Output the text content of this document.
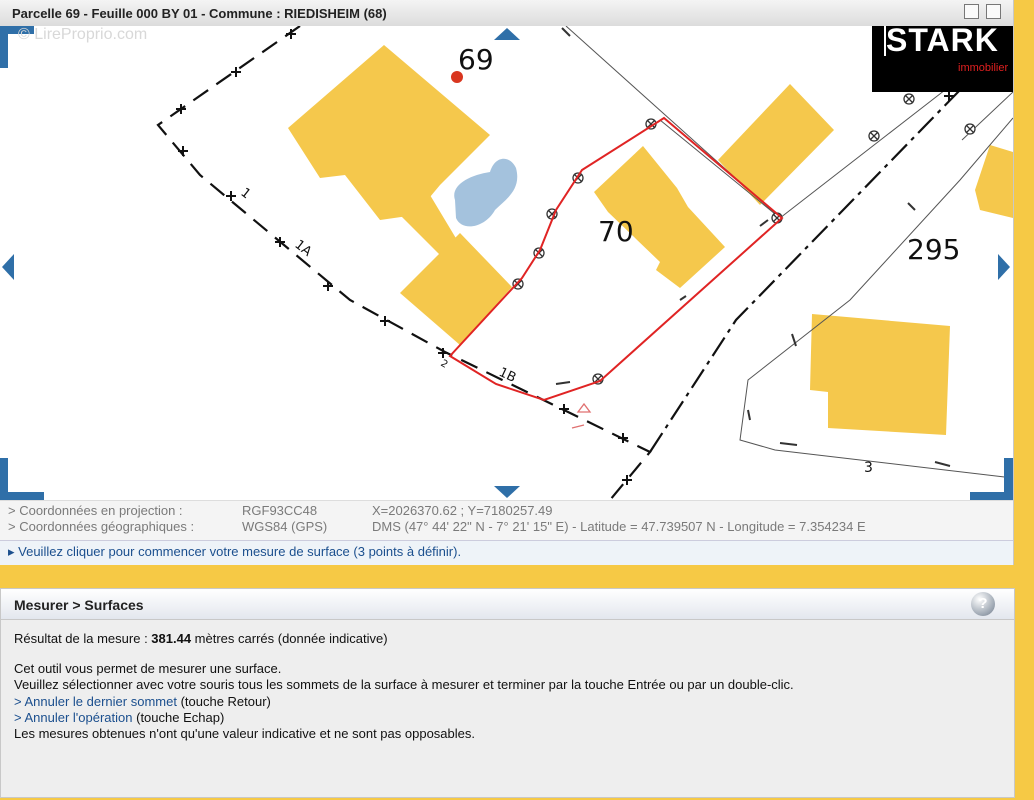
Parcelle 69 - Feuille 000 BY 01 - Commune : RIEDISHEIM (68)
69
70
295
1
1A
1B
2
3
© LireProprio.com	STARK
immobilier
> Coordonnées en projection :	RGF93CC48	X=2026370.62 ; Y=7180257.49
> Coordonnées géographiques :	WGS84 (GPS)	DMS (47° 44' 22" N - 7° 21' 15" E) - Latitude = 47.739507 N - Longitude = 7.354234 E
▸ Veuillez cliquer pour commencer votre mesure de surface (3 points à définir).
Mesurer > Surfaces	?

Résultat de la mesure : 381.44 mètres carrés (donnée indicative)

Cet outil vous permet de mesurer une surface.

Veuillez sélectionner avec votre souris tous les sommets de la surface à mesurer et terminer par la touche Entrée ou par un double-clic.

> Annuler le dernier sommet (touche Retour)

> Annuler l'opération (touche Echap)

Les mesures obtenues n'ont qu'une valeur indicative et ne sont pas opposables.
